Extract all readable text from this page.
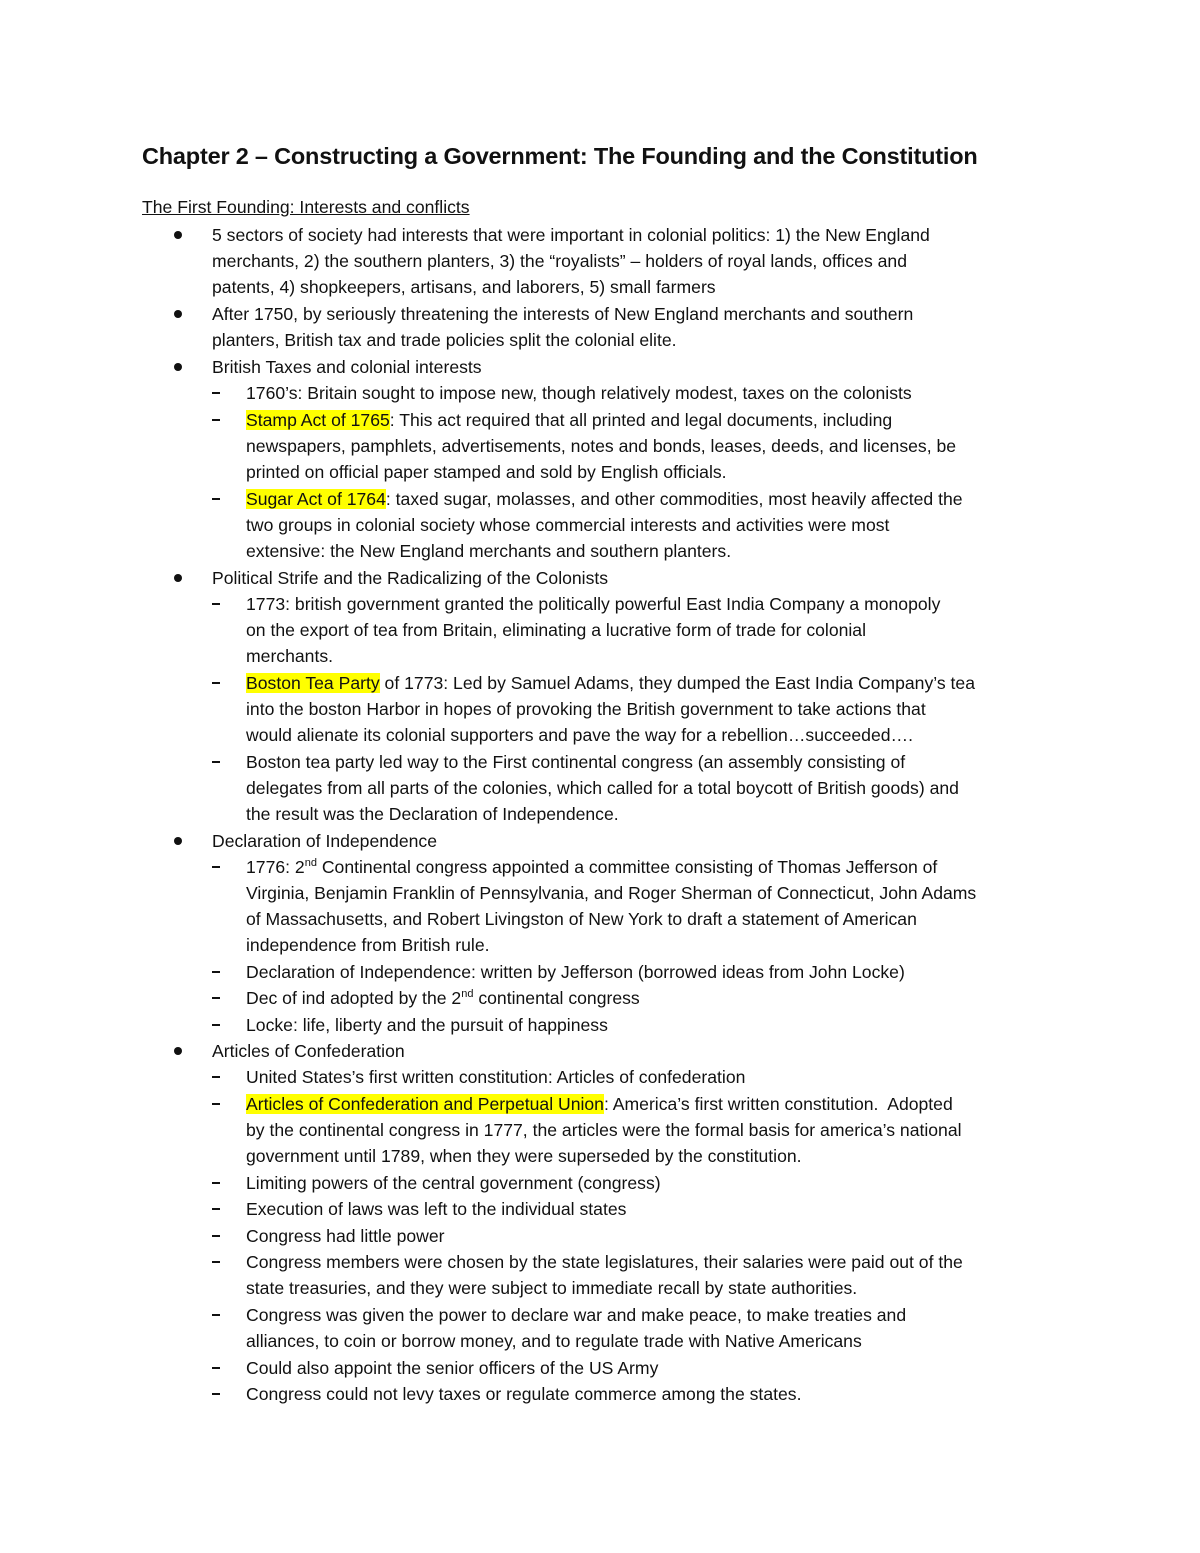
Chapter 2 – Constructing a Government: The Founding and the Constitution
The First Founding: Interests and conflicts
5 sectors of society had interests that were important in colonial politics: 1) the New England
merchants, 2) the southern planters, 3) the “royalists” – holders of royal lands, offices and
patents, 4) shopkeepers, artisans, and laborers, 5) small farmers
After 1750, by seriously threatening the interests of New England merchants and southern
planters, British tax and trade policies split the colonial elite.
British Taxes and colonial interests
1760’s: Britain sought to impose new, though relatively modest, taxes on the colonists
Stamp Act of 1765: This act required that all printed and legal documents, including
newspapers, pamphlets, advertisements, notes and bonds, leases, deeds, and licenses, be
printed on official paper stamped and sold by English officials.
Sugar Act of 1764: taxed sugar, molasses, and other commodities, most heavily affected the
two groups in colonial society whose commercial interests and activities were most
extensive: the New England merchants and southern planters.
Political Strife and the Radicalizing of the Colonists
1773: british government granted the politically powerful East India Company a monopoly
on the export of tea from Britain, eliminating a lucrative form of trade for colonial
merchants.
Boston Tea Party of 1773: Led by Samuel Adams, they dumped the East India Company’s tea
into the boston Harbor in hopes of provoking the British government to take actions that
would alienate its colonial supporters and pave the way for a rebellion…succeeded….
Boston tea party led way to the First continental congress (an assembly consisting of
delegates from all parts of the colonies, which called for a total boycott of British goods) and
the result was the Declaration of Independence.
Declaration of Independence
1776: 2nd Continental congress appointed a committee consisting of Thomas Jefferson of
Virginia, Benjamin Franklin of Pennsylvania, and Roger Sherman of Connecticut, John Adams
of Massachusetts, and Robert Livingston of New York to draft a statement of American
independence from British rule.
Declaration of Independence: written by Jefferson (borrowed ideas from John Locke)
Dec of ind adopted by the 2nd continental congress
Locke: life, liberty and the pursuit of happiness
Articles of Confederation
United States’s first written constitution: Articles of confederation
Articles of Confederation and Perpetual Union: America’s first written constitution.  Adopted
by the continental congress in 1777, the articles were the formal basis for america’s national
government until 1789, when they were superseded by the constitution.
Limiting powers of the central government (congress)
Execution of laws was left to the individual states
Congress had little power
Congress members were chosen by the state legislatures, their salaries were paid out of the
state treasuries, and they were subject to immediate recall by state authorities.
Congress was given the power to declare war and make peace, to make treaties and
alliances, to coin or borrow money, and to regulate trade with Native Americans
Could also appoint the senior officers of the US Army
Congress could not levy taxes or regulate commerce among the states.
